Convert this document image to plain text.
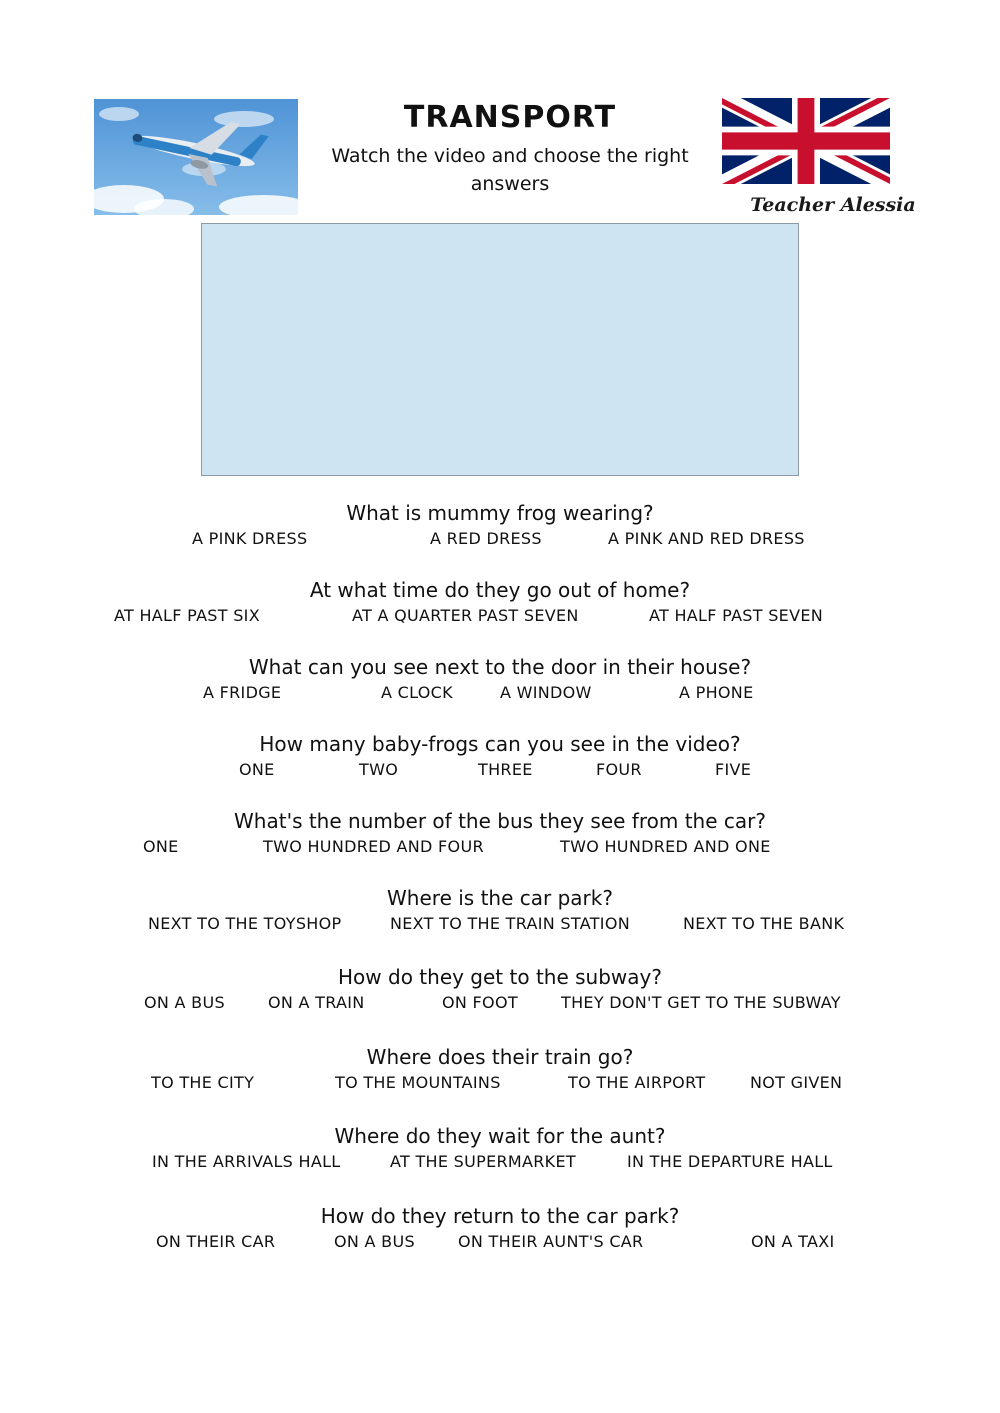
TRANSPORT
Watch the video and choose the right answers
Teacher Alessia
What is mummy frog wearing?
A PINK DRESS	A RED DRESS	A PINK AND RED DRESS
At what time do they go out of home?
AT HALF PAST SIX	AT A QUARTER PAST SEVEN	AT HALF PAST SEVEN
What can you see next to the door in their house?
A FRIDGE	A CLOCK	A WINDOW	A PHONE
How many baby-frogs can you see in the video?
ONE	TWO	THREE	FOUR	FIVE
What's the number of the bus they see from the car?
ONE	TWO HUNDRED AND FOUR	TWO HUNDRED AND ONE
Where is the car park?
NEXT TO THE TOYSHOP	NEXT TO THE TRAIN STATION	NEXT TO THE BANK
How do they get to the subway?
ON A BUS	ON A TRAIN	ON FOOT	THEY DON'T GET TO THE SUBWAY
Where does their train go?
TO THE CITY	TO THE MOUNTAINS	TO THE AIRPORT	NOT GIVEN
Where do they wait for the aunt?
IN THE ARRIVALS HALL	AT THE SUPERMARKET	IN THE DEPARTURE HALL
How do they return to the car park?
ON THEIR CAR	ON A BUS	ON THEIR AUNT'S CAR	ON A TAXI
